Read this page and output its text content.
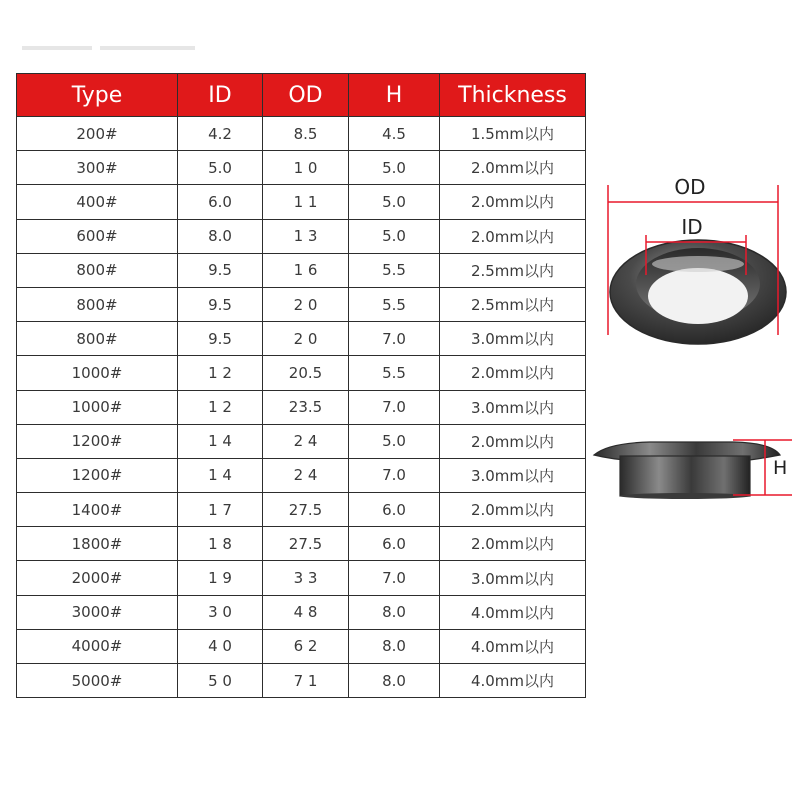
Type	ID	OD	H	Thickness
200#	4.2	8.5	4.5	1.5mm以内
300#	5.0	1 0	5.0	2.0mm以内
400#	6.0	1 1	5.0	2.0mm以内
600#	8.0	1 3	5.0	2.0mm以内
800#	9.5	1 6	5.5	2.5mm以内
800#	9.5	2 0	5.5	2.5mm以内
800#	9.5	2 0	7.0	3.0mm以内
1000#	1 2	20.5	5.5	2.0mm以内
1000#	1 2	23.5	7.0	3.0mm以内
1200#	1 4	2 4	5.0	2.0mm以内
1200#	1 4	2 4	7.0	3.0mm以内
1400#	1 7	27.5	6.0	2.0mm以内
1800#	1 8	27.5	6.0	2.0mm以内
2000#	1 9	3 3	7.0	3.0mm以内
3000#	3 0	4 8	8.0	4.0mm以内
4000#	4 0	6 2	8.0	4.0mm以内
5000#	5 0	7 1	8.0	4.0mm以内
OD
ID
H
